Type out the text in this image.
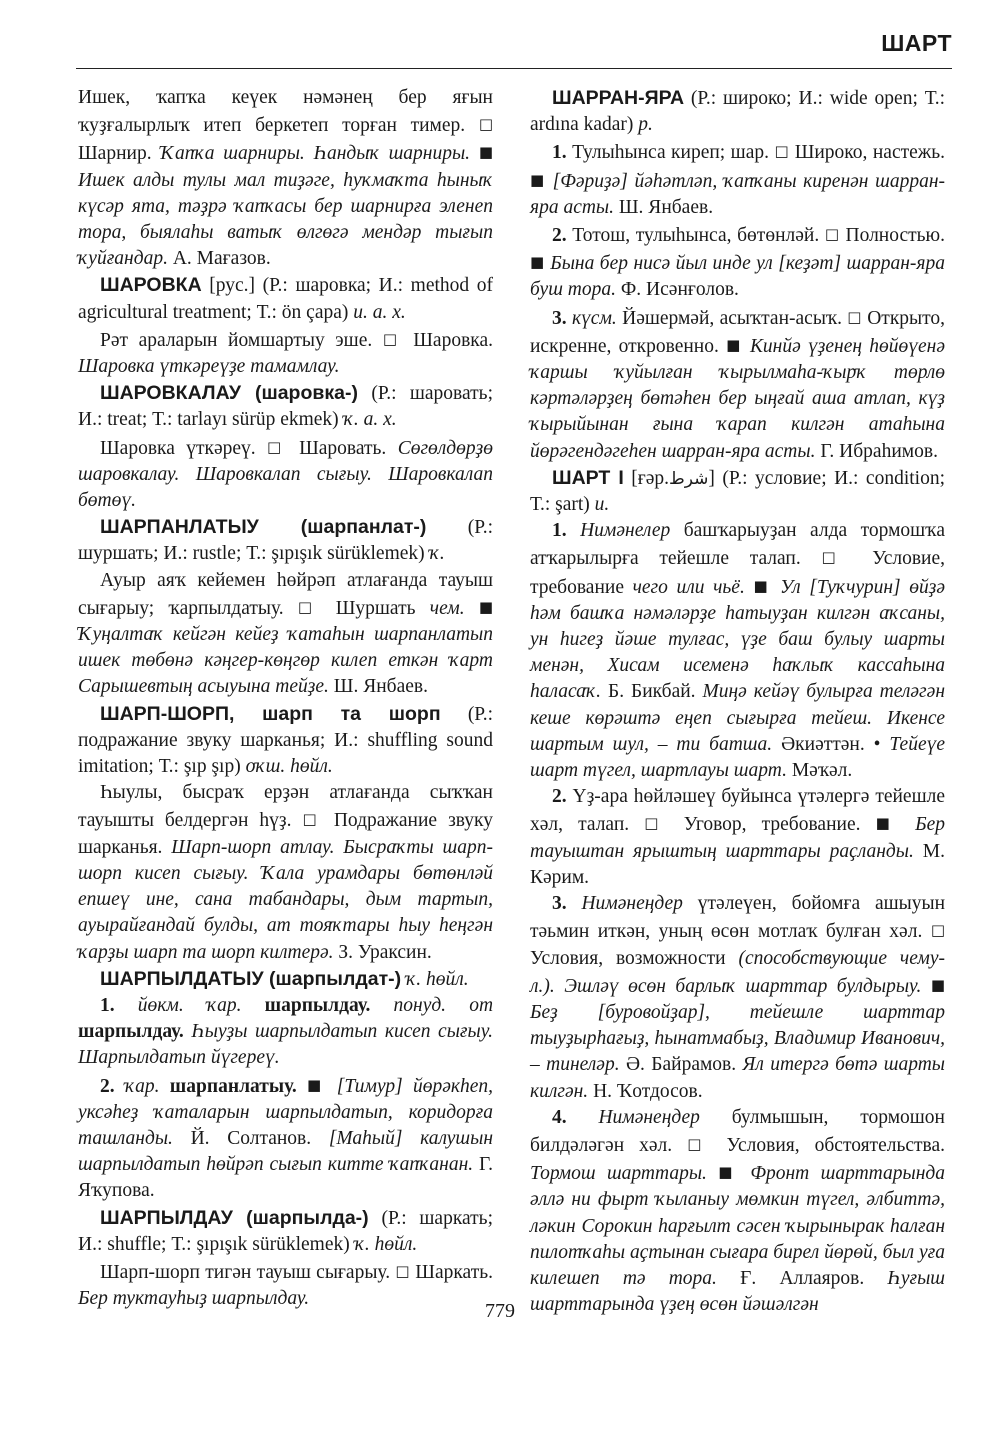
ШАРТ

Ишек, ҡапҡа кеүек нәмәнең бер яғын ҡуҙғалырлыҡ итеп беркетеп торған тимер. □ Шарнир. Ҡапҡа шарниры. Һандыҡ шарниры. ■ Ишек алды тулы мал тиҙәге, һуҡмаҡта һыныҡ күсәр ята, тәҙрә ҡапҡасы бер шарнирға эленеп тора, быялаһы ватыҡ өлгөгә мендәр тығып ҡуйғандар. А. Мағазов.

ШАРОВКА [рус.] (Р.: шаровка; И.: method of agricultural treatment; Т.: ön çapa) и. а. х.

Рәт араларын йомшартыу эше. □ Шаровка. Шаровка үткәреүҙе тамамлау.

ШАРОВКАЛАУ (шаровка-) (Р.: шаровать; И.: treat; Т.: tarlayı sürüp ekmek) ҡ. а. х.

Шаровка үткәреү. □ Шаровать. Сөгөлдөрҙө шаровкалау. Шаровкалап сығыу. Шаровкалап бөтөү.

ШАРПАНЛАТЫУ (шарпанлат-) (Р.: шуршать; И.: rustle; Т.: şıpışık sürüklemek) ҡ.

Ауыр аяҡ кейемен һөйрәп атлағанда тауыш сығарыу; ҡарпылдатыу. □ Шуршать чем. ■ Ҡуңалтаҡ кейгән кейеҙ ҡатаһын шарпанлатып ишек төбөнә кәңгер-көңгөр килеп еткән ҡарт Сарышевтың асыуына тейҙе. Ш. Янбаев.

ШАРП-ШОРП, шарп та шорп (Р.: подражание звуку шарканья; И.: shuffling sound imitation; Т.: şıp şıp) оҡш. һөйл.

Һыулы, бысраҡ ерҙән атлағанда сыҡҡан тауышты белдергән һүҙ. □ Подражание звуку шарканья. Шарп-шорп атлау. Бысраҡты шарп-шорп кисеп сығыу. Ҡала урамдары бөтөнләй епшеү ине, сана табандары, дым тартып, ауырайғандай булды, ат тояҡтары һыу һеңгән ҡарҙы шарп та шорп килтерә. З. Ураксин.

ШАРПЫЛДАТЫУ (шарпылдат-) ҡ. һөйл.

1. йөкм. ҡар. шарпылдау. понуд. от шарпылдау. Һыуҙы шарпылдатып кисеп сығыу. Шарпылдатып йүгереү.

2. ҡар. шарпанлатыу. ■ [Тимур] йөрәкһеп, уксәһеҙ ҡаталарын шарпылдатып, коридорға ташланды. Й. Солтанов. [Маһый] калушын шарпылдатып һөйрәп сығып китте ҡапҡанан. Г. Яҡупова.

ШАРПЫЛДАУ (шарпылда-) (Р.: шаркать; И.: shuffle; Т.: şıpışık sürüklemek) ҡ. һөйл.

Шарп-шорп тигән тауыш сығарыу. □ Шаркать. Бер туктауһыҙ шарпылдау.

ШАРРАН-ЯРА (Р.: широко; И.: wide open; Т.: ardına kadar) р.

1. Тулыһынса киреп; шар. □ Широко, настежь. ■ [Фәриҙә] йәһәтләп, ҡапҡаны киренән шарран-яра асты. Ш. Янбаев.

2. Тотош, тулыһынса, бөтөнләй. □ Полностью. ■ Бына бер нисә йыл инде ул [кеҙәт] шарран-яра буш тора. Ф. Исәнғолов.

3. күсм. Йәшермәй, асыҡтан-асыҡ. □ Открыто, искренне, откровенно. ■ Кинйә үҙенең һөйөүенә ҡаршы ҡуйылған ҡырылмаһа-ҡырҡ төрлө кәртәләрҙең бөтәһен бер ыңғай аша атлап, күҙ ҡырыйынан ғына ҡарап килгән атаһына йөрәгендәгеһен шарран-яра асты. Г. Ибраһимов.

ШАРТ I [ғәр.شرط] (Р.: условие; И.: condition; Т.: şart) и.

1. Нимәнелер башҡарыуҙан алда тормошҡа атҡарылырға тейешле талап. □ Условие, требование чего или чьё. ■ Ул [Туҡчурин] өйҙә һәм башҡа нәмәләрҙе һатыуҙан килгән аҡсаны, ун һигеҙ йәше тулғас, үҙе баш булыу шарты менән, Хисам исеменә һаҡлыҡ кассаһына һаласаҡ. Б. Бикбай. Миңә кейәү булырға теләгән кеше көрәштә еңеп сығырға тейеш. Икенсе шартым шул, – ти батша. Әкиәттән. • Тейеүе шарт түгел, шартлауы шарт. Мәҡәл.

2. Үҙ-ара һөйләшеү буйынса үтәлергә тейешле хәл, талап. □ Уговор, требование. ■ Бер тауыштан ярыштың шарттары раҫланды. М. Кәрим.

3. Нимәнеңдер үтәлеүен, бойомға ашыуын тәьмин иткән, уның өсөн мотлаҡ булған хәл. □ Условия, возможности (способствующие чему-л.). Эшләү өсөн барлыҡ шарттар булдырыу. ■ Беҙ [буровойҙар], тейешле шарттар тыуҙырһағыҙ, һынатмабыҙ, Владимир Иванович, – тинеләр. Ә. Байрамов. Ял итергә бөтә шарты килгән. Н. Ҡотдосов.

4. Нимәнеңдер булмышын, тормошон билдәләгән хәл. □ Условия, обстоятельства. Тормош шарттары. ■ Фронт шарттарында әллә ни фырт ҡыланыу мөмкин түгел, әлбиттә, ләкин Сорокин һарғылт сәсен ҡырынырак һалған пилотҡаһы аҫтынан сығара бирел йөрөй, был уға килешеп тә тора. Ғ. Аллаяров. Һуғыш шарттарында үҙең өсөн йәшәлгән

779
